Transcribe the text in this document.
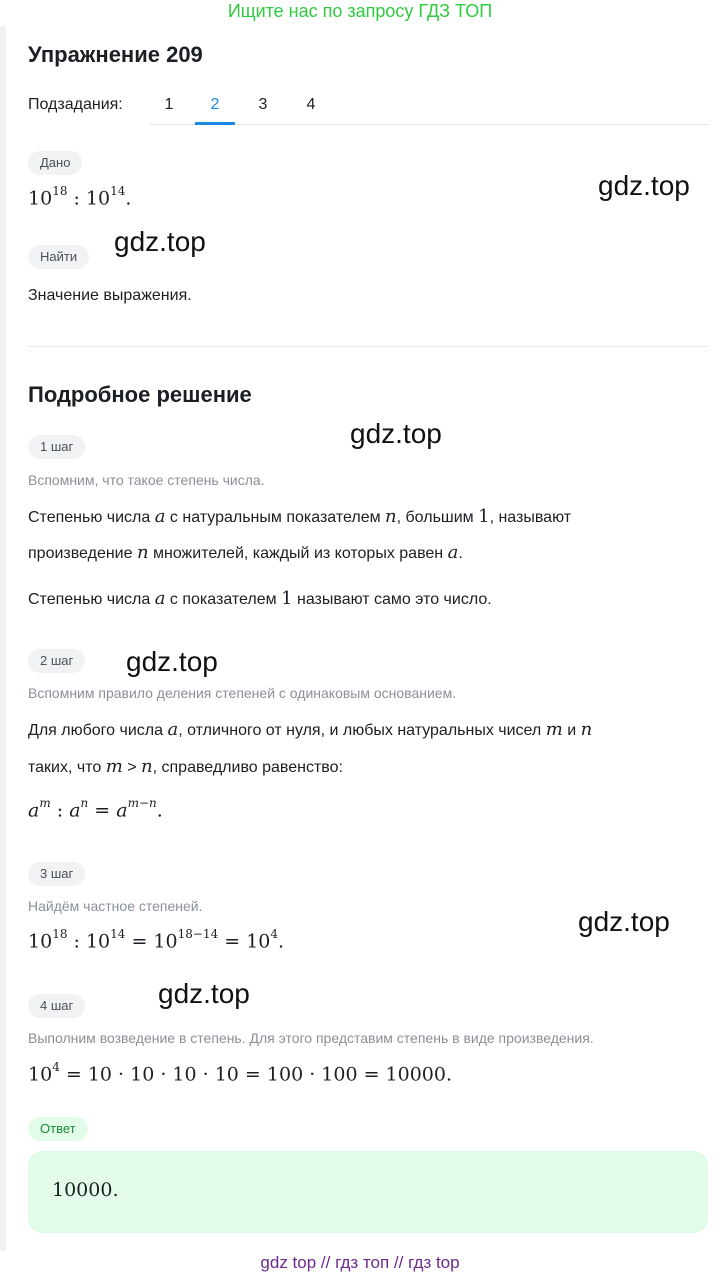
Ищите нас по запросу ГДЗ ТОП
Упражнение 209
Подзадания:	1	2	3	4
Дано
$10^{18}$ : $10^{14}$.
Найти
Значение выражения.
Подробное решение
1 шаг
Вспомним, что такое степень числа.
Степенью числа a с натуральным показателем n, большим 1, называют
произведение n множителей, каждый из которых равен a.
Степенью числа a с показателем 1 называют само это число.
2 шаг
Вспомним правило деления степеней с одинаковым основанием.
Для любого числа a, отличного от нуля, и любых натуральных чисел m и n
таких, что m > n, справедливо равенство:
$a^m$ : $a^n = a^{m-n}$.
3 шаг
Найдём частное степеней.
$10^{18}$ : $10^{14} = 10^{18-14} = 10^4$.
4 шаг
Выполним возведение в степень. Для этого представим степень в виде произведения.
$10^4 = 10 \cdot 10 \cdot 10 \cdot 10 = 100 \cdot 100 = 10000$.
Ответ
10000.
gdz.top
gdz.top
gdz.top
gdz.top
gdz.top
gdz.top
gdz top // гдз топ // гдз top
